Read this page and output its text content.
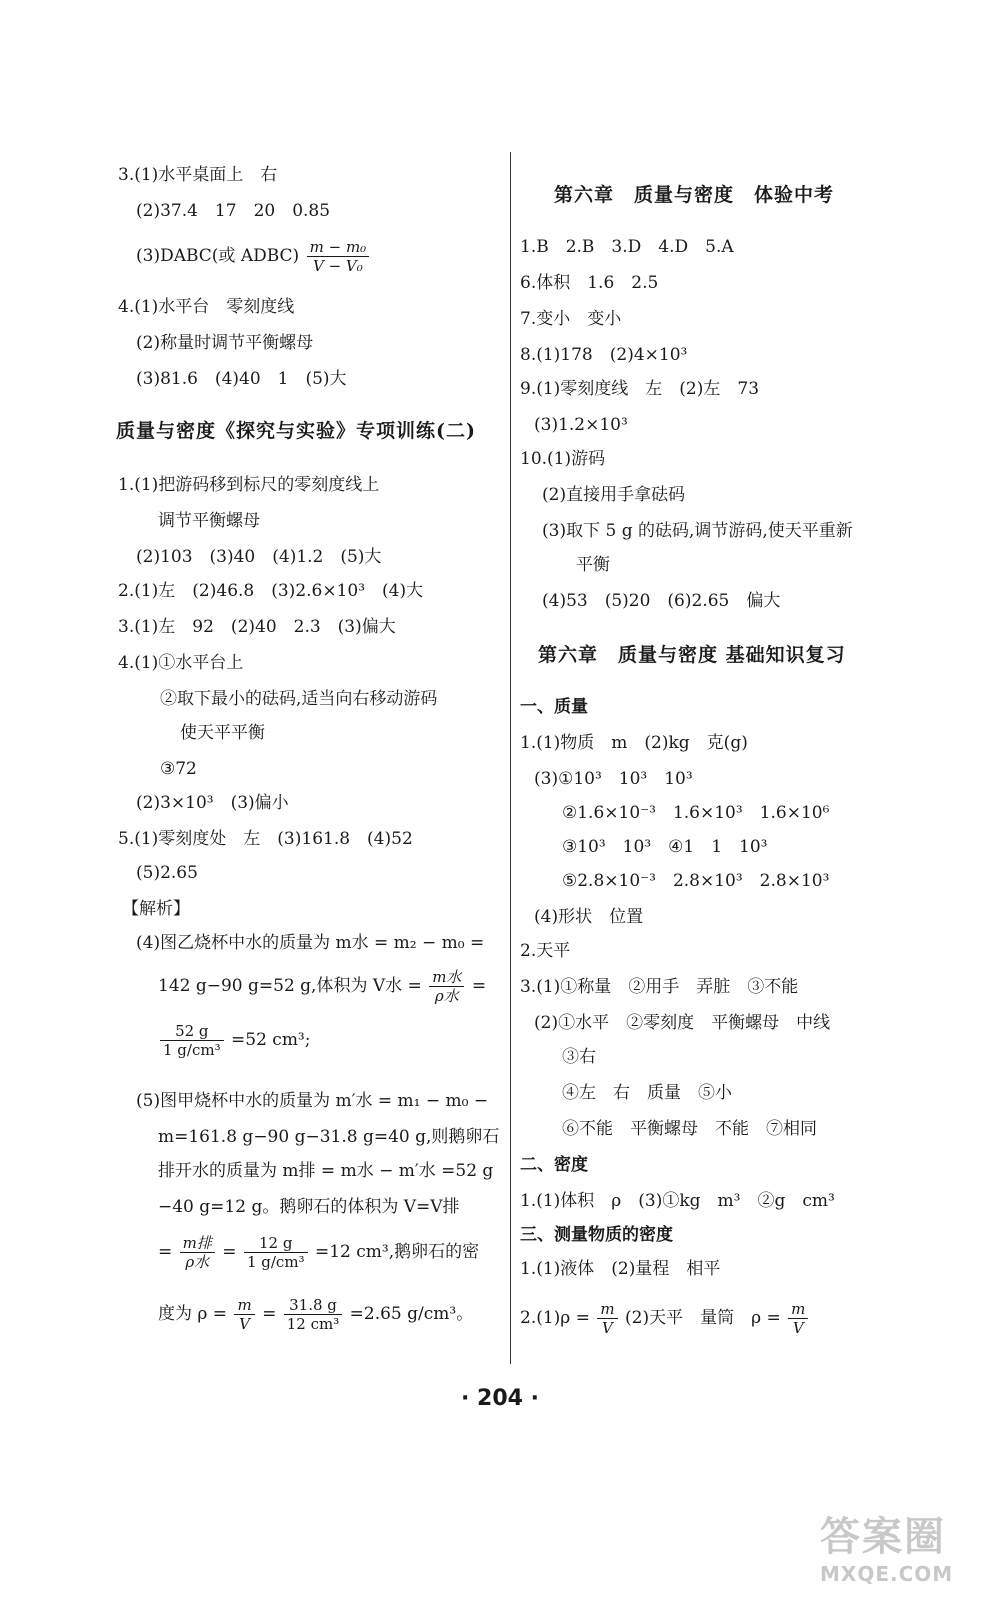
3.(1)水平桌面上　右
(2)37.4　17　20　0.85
(3)DABC(或 ADBC) $\frac{\text{m − m₀}}{\text{V − V₀}}$
4.(1)水平台　零刻度线
(2)称量时调节平衡螺母
(3)81.6　(4)40　1　(5)大
质量与密度《探究与实验》专项训练(二)
1.(1)把游码移到标尺的零刻度线上
调节平衡螺母
(2)103　(3)40　(4)1.2　(5)大
2.(1)左　(2)46.8　(3)2.6×10³　(4)大
3.(1)左　92　(2)40　2.3　(3)偏大
4.(1)①水平台上
②取下最小的砝码,适当向右移动游码
使天平平衡
③72
(2)3×10³　(3)偏小
5.(1)零刻度处　左　(3)161.8　(4)52
(5)2.65
【解析】
(4)图乙烧杯中水的质量为 m水 = m₂ − m₀ =
142 g−90 g=52 g,体积为 V水 = $\frac{\text{m水}}{\text{ρ水}}$ =
$\frac{52 g}{\text{1 g/cm³}} =52$ cm³;
(5)图甲烧杯中水的质量为 m′水 = m₁ − m₀ −
m=161.8 g−90 g−31.8 g=40 g,则鹅卵石
排开水的质量为 m排 = m水 − m′水 =52 g
−40 g=12 g。鹅卵石的体积为 V=V排
= $\frac{\text{m排}}{\text{ρ水}} = \frac{12 g}{\text{1 g/cm³}} =12$ cm³,鹅卵石的密
度为 $\rho = \frac{m}{V} = \frac{31.8 g}{\text{12 cm³}} =2.65$ g/cm³。
第六章　质量与密度　体验中考
1.B　2.B　3.D　4.D　5.A
6.体积　1.6　2.5
7.变小　变小
8.(1)178　(2)4×10³
9.(1)零刻度线　左　(2)左　73
(3)1.2×10³
10.(1)游码
(2)直接用手拿砝码
(3)取下 5 g 的砝码,调节游码,使天平重新
平衡
(4)53　(5)20　(6)2.65　偏大
第六章　质量与密度 基础知识复习
一、质量
1.(1)物质　m　(2)kg　克(g)
(3)①10³　10³　10³
②1.6×10⁻³　1.6×10³　1.6×10⁶
③10³　10³　④1　1　10³
⑤2.8×10⁻³　2.8×10³　2.8×10³
(4)形状　位置
2.天平
3.(1)①称量　②用手　弄脏　③不能
(2)①水平　②零刻度　平衡螺母　中线
③右
④左　右　质量　⑤小
⑥不能　平衡螺母　不能　⑦相同
二、密度
1.(1)体积　ρ　(3)①kg　m³　②g　cm³
三、测量物质的密度
1.(1)液体　(2)量程　相平
$2.(1)\rho = \frac{m}{V} (2)$天平　量筒　$\rho = \frac{m}{V}$
· 204 ·
答案圈
MXQE.COM
